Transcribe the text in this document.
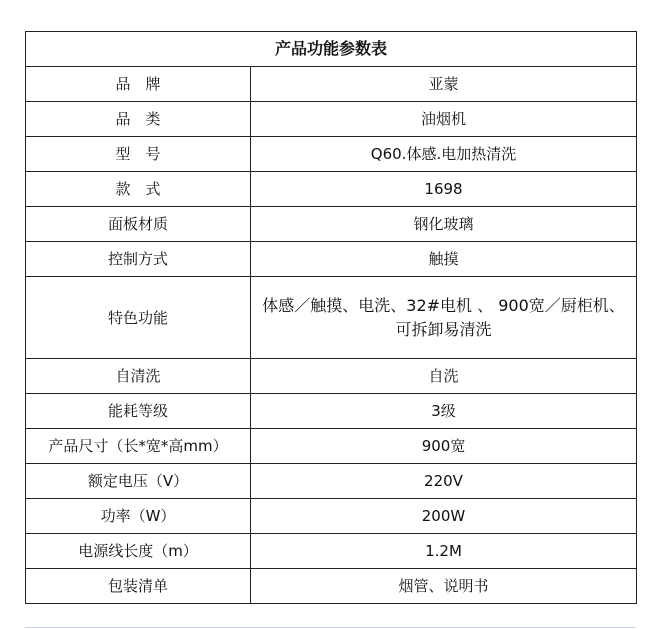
产品功能参数表	
品　牌	亚蒙
品　类	油烟机
型　号	Q60.体感.电加热清洗
款　式	1698
面板材质	钢化玻璃
控制方式	触摸
特色功能	体感／触摸、电洗、32#电机 、 900宽／厨柜机、可拆卸易清洗
自清洗	自洗
能耗等级	3级
产品尺寸（长*宽*高mm）	900宽
额定电压（V）	220V
功率（W）	200W
电源线长度（m）	1.2M
包装清单	烟管、说明书
